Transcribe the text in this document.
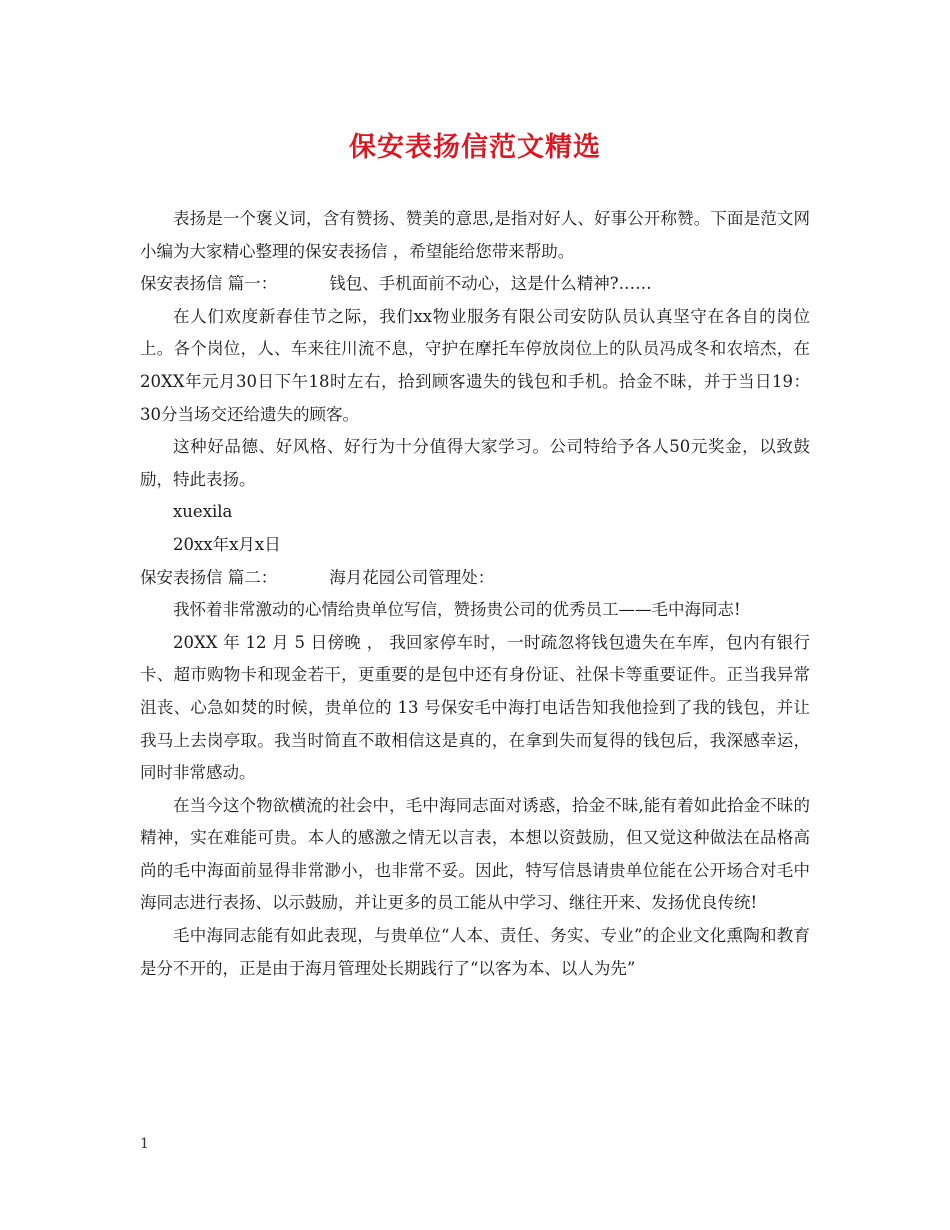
保安表扬信范文精选

表扬是一个褒义词，含有赞扬、赞美的意思,是指对好人、好事公开称赞。下面是范文网小编为大家精心整理的保安表扬信 ，希望能给您带来帮助。

保安表扬信 篇一：	钱包、手机面前不动心，这是什么精神?……

在人们欢度新春佳节之际，我们xx物业服务有限公司安防队员认真坚守在各自的岗位上。各个岗位，人、车来往川流不息，守护在摩托车停放岗位上的队员冯成冬和农培杰，在20XX年元月30日下午18时左右，拾到顾客遗失的钱包和手机。拾金不昧，并于当日19：30分当场交还给遗失的顾客。

这种好品德、好风格、好行为十分值得大家学习。公司特给予各人50元奖金，以致鼓励，特此表扬。

xuexila

20xx年x月x日

保安表扬信 篇二：	海月花园公司管理处：

我怀着非常激动的心情给贵单位写信，赞扬贵公司的优秀员工——毛中海同志!

20XX 年 12 月 5 日傍晚 ， 我回家停车时，一时疏忽将钱包遗失在车库，包内有银行卡、超市购物卡和现金若干，更重要的是包中还有身份证、社保卡等重要证件。正当我异常沮丧、心急如焚的时候，贵单位的 13 号保安毛中海打电话告知我他捡到了我的钱包，并让我马上去岗亭取。我当时简直不敢相信这是真的，在拿到失而复得的钱包后，我深感幸运，同时非常感动。

在当今这个物欲横流的社会中，毛中海同志面对诱惑，拾金不昧,能有着如此拾金不昧的精神，实在难能可贵。本人的感激之情无以言表，本想以资鼓励，但又觉这种做法在品格高尚的毛中海面前显得非常渺小，也非常不妥。因此，特写信恳请贵单位能在公开场合对毛中海同志进行表扬、以示鼓励，并让更多的员工能从中学习、继往开来、发扬优良传统!

毛中海同志能有如此表现，与贵单位“人本、责任、务实、专业”的企业文化熏陶和教育是分不开的，正是由于海月管理处长期践行了“以客为本、以人为先”

1
